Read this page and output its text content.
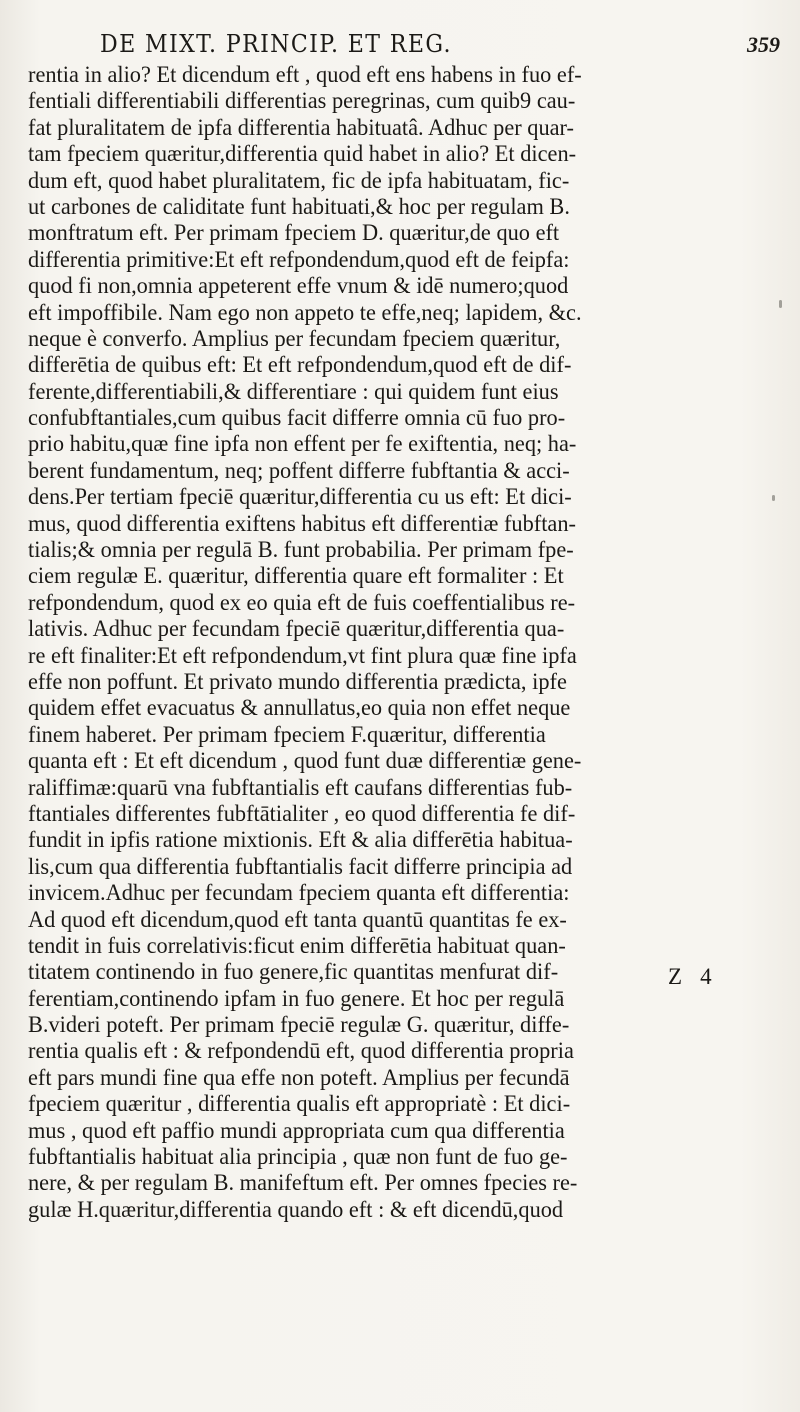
DE MIXT. PRINCIP. ET REG.	359
rentia in alio? Et dicendum eft , quod eft ens habens in fuo ef-
fentiali differentiabili differentias peregrinas, cum quib9 cau-
fat pluralitatem de ipfa differentia habituatâ. Adhuc per quar-
tam fpeciem quæritur,differentia quid habet in alio? Et dicen-
dum eft, quod habet pluralitatem, fic de ipfa habituatam, fic-
ut carbones de caliditate funt habituati,& hoc per regulam B.
monftratum eft. Per primam fpeciem D. quæritur,de quo eft
differentia primitive:Et eft refpondendum,quod eft de feipfa:
quod fi non,omnia appeterent effe vnum & idē numero;quod
eft impoffibile. Nam ego non appeto te effe,neq; lapidem, &c.
neque è converfo. Amplius per fecundam fpeciem quæritur,
differētia de quibus eft: Et eft refpondendum,quod eft de dif-
ferente,differentiabili,& differentiare : qui quidem funt eius
confubftantiales,cum quibus facit differre omnia cū fuo pro-
prio habitu,quæ fine ipfa non effent per fe exiftentia, neq; ha-
berent fundamentum, neq; poffent differre fubftantia & acci-
dens.Per tertiam fpeciē quæritur,differentia cu us eft: Et dici-
mus, quod differentia exiftens habitus eft differentiæ fubftan-
tialis;& omnia per regulā B. funt probabilia. Per primam fpe-
ciem regulæ E. quæritur, differentia quare eft formaliter : Et
refpondendum, quod ex eo quia eft de fuis coeffentialibus re-
lativis. Adhuc per fecundam fpeciē quæritur,differentia qua-
re eft finaliter:Et eft refpondendum,vt fint plura quæ fine ipfa
effe non poffunt. Et privato mundo differentia prædicta, ipfe
quidem effet evacuatus & annullatus,eo quia non effet neque
finem haberet. Per primam fpeciem F.quæritur, differentia
quanta eft : Et eft dicendum , quod funt duæ differentiæ gene-
raliffimæ:quarū vna fubftantialis eft caufans differentias fub-
ftantiales differentes fubftātialiter , eo quod differentia fe dif-
fundit in ipfis ratione mixtionis. Eft & alia differētia habitua-
lis,cum qua differentia fubftantialis facit differre principia ad
invicem.Adhuc per fecundam fpeciem quanta eft differentia:
Ad quod eft dicendum,quod eft tanta quantū quantitas fe ex-
tendit in fuis correlativis:ficut enim differētia habituat quan-
titatem continendo in fuo genere,fic quantitas menfurat dif-
ferentiam,continendo ipfam in fuo genere. Et hoc per regulā
B.videri poteft. Per primam fpeciē regulæ G. quæritur, diffe-
rentia qualis eft : & refpondendū eft, quod differentia propria
eft pars mundi fine qua effe non poteft. Amplius per fecundā
fpeciem quæritur , differentia qualis eft appropriatè : Et dici-
mus , quod eft paffio mundi appropriata cum qua differentia
fubftantialis habituat alia principia , quæ non funt de fuo ge-
nere, & per regulam B. manifeftum eft. Per omnes fpecies re-
gulæ H.quæritur,differentia quando eft : & eft dicendū,quod
Z 4
